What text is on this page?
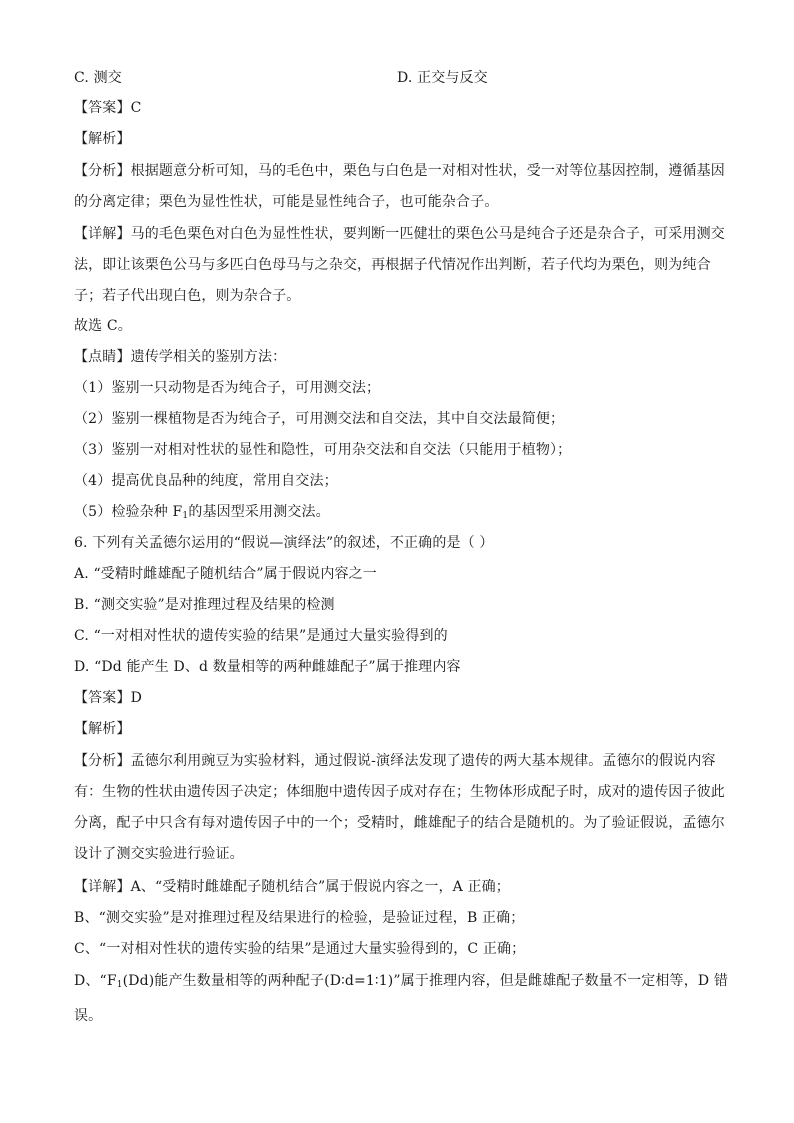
C. 测交	D. 正交与反交
【答案】C
【解析】
【分析】根据题意分析可知，马的毛色中，栗色与白色是一对相对性状，受一对等位基因控制，遵循基因的分离定律；栗色为显性性状，可能是显性纯合子，也可能杂合子。
【详解】马的毛色栗色对白色为显性性状，要判断一匹健壮的栗色公马是纯合子还是杂合子，可采用测交法，即让该栗色公马与多匹白色母马与之杂交，再根据子代情况作出判断，若子代均为栗色，则为纯合子；若子代出现白色，则为杂合子。
故选 C。
【点睛】遗传学相关的鉴别方法：
（1）鉴别一只动物是否为纯合子，可用测交法；
（2）鉴别一棵植物是否为纯合子，可用测交法和自交法，其中自交法最简便；
（3）鉴别一对相对性状的显性和隐性，可用杂交法和自交法（只能用于植物）；
（4）提高优良品种的纯度，常用自交法；
（5）检验杂种 $F_1$的基因型采用测交法。
6. 下列有关孟德尔运用的“假说—演绎法”的叙述，不正确的是（ ）
A. “受精时雌雄配子随机结合”属于假说内容之一
B. “测交实验”是对推理过程及结果的检测
C. “一对相对性状的遗传实验的结果”是通过大量实验得到的
D. “Dd 能产生 D、d 数量相等的两种雌雄配子”属于推理内容
【答案】D
【解析】
【分析】孟德尔利用豌豆为实验材料，通过假说-演绎法发现了遗传的两大基本规律。孟德尔的假说内容有：生物的性状由遗传因子决定；体细胞中遗传因子成对存在；生物体形成配子时，成对的遗传因子彼此分离，配子中只含有每对遗传因子中的一个；受精时，雌雄配子的结合是随机的。为了验证假说，孟德尔设计了测交实验进行验证。
【详解】A、“受精时雌雄配子随机结合”属于假说内容之一，A 正确；
B、“测交实验”是对推理过程及结果进行的检验，是验证过程，B 正确；
C、“一对相对性状的遗传实验的结果”是通过大量实验得到的，C 正确；
D、“$F_1(Dd)$能产生数量相等的两种配子(D∶d=1∶1)”属于推理内容，但是雌雄配子数量不一定相等，D 错误。
